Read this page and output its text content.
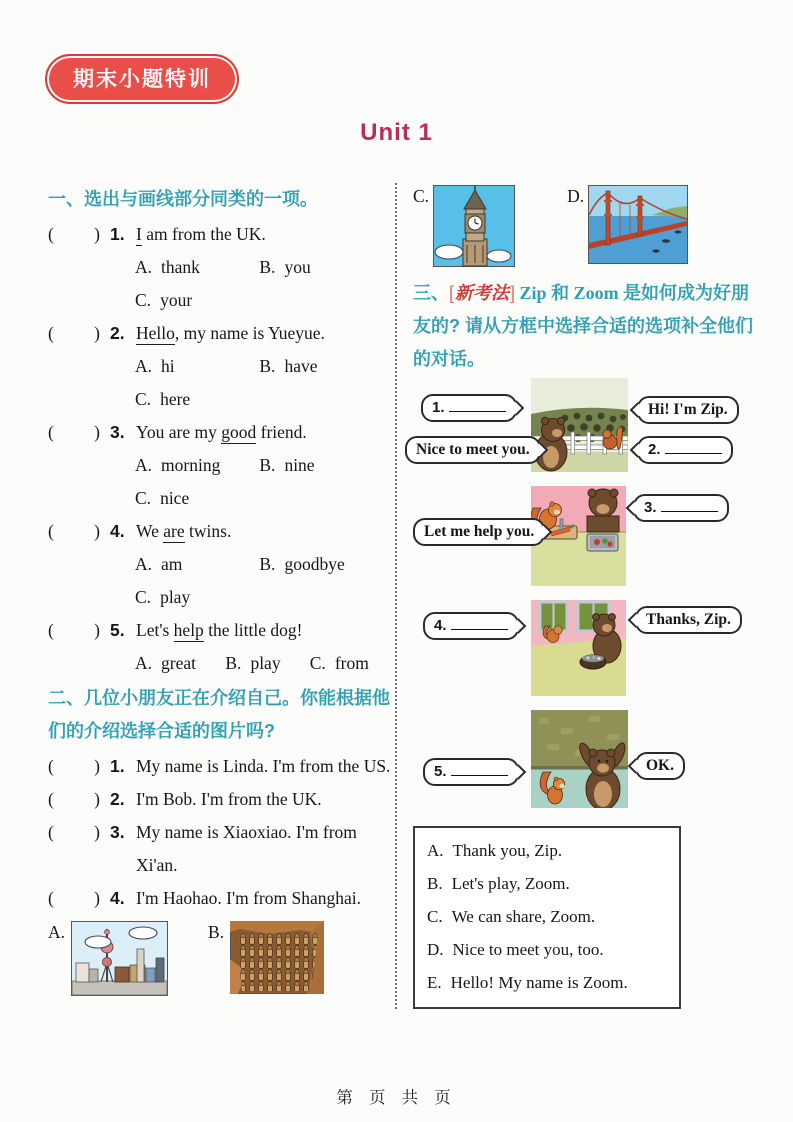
期末小题特训
Unit 1
一、选出与画线部分同类的一项。
( ) 1. I am from the UK.
A. thank	B. you
C. your
( ) 2. Hello, my name is Yueyue.
A. hi	B. have
C. here
( ) 3. You are my good friend.
A. morning B. nine
C. nice
( ) 4. We are twins.
A. am	B. goodbye
C. play
( ) 5. Let's help the little dog!
A. great B. play C. from
二、几位小朋友正在介绍自己。你能根据他们的介绍选择合适的图片吗?
( ) 1. My name is Linda. I'm from the US.
( ) 2. I'm Bob. I'm from the UK.
( ) 3. My name is Xiaoxiao. I'm from Xi'an.
( ) 4. I'm Haohao. I'm from Shanghai.
A.	B.
C.	D.
三、[新考法] Zip 和 Zoom 是如何成为好朋友的? 请从方框中选择合适的选项补全他们的对话。
1.
Nice to meet you.
Hi! I'm Zip.
2.
Let me help you.
3.
4.	Thanks, Zip.
5.	OK.
A. Thank you, Zip.
B. Let's play, Zoom.
C. We can share, Zoom.
D. Nice to meet you, too.
E. Hello! My name is Zoom.
第 页 共 页
